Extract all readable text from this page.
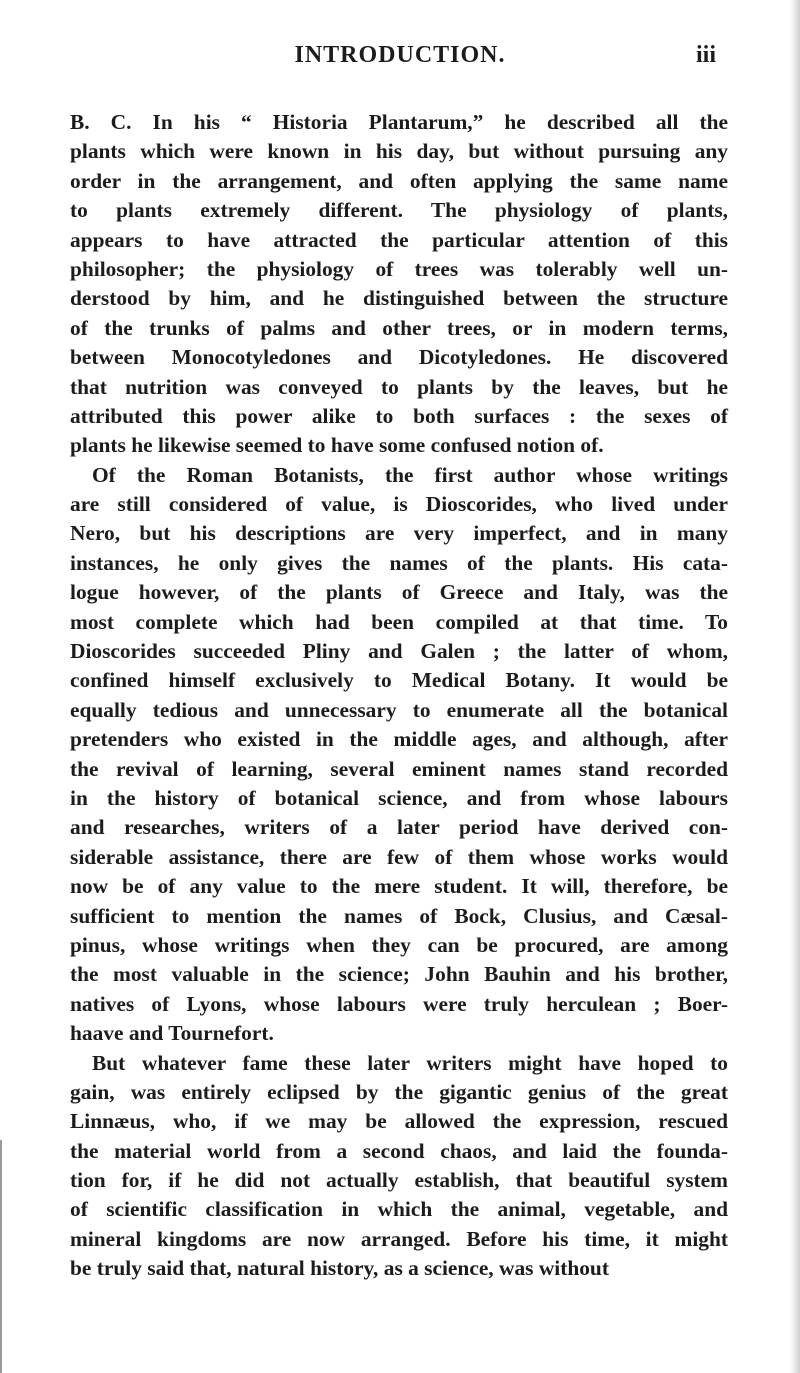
INTRODUCTION.	iii
B. C. In his “ Historia Plantarum,” he described all the
plants which were known in his day, but without pursuing any
order in the arrangement, and often applying the same name
to plants extremely different. The physiology of plants,
appears to have attracted the particular attention of this
philosopher; the physiology of trees was tolerably well un-
derstood by him, and he distinguished between the structure
of the trunks of palms and other trees, or in modern terms,
between Monocotyledones and Dicotyledones. He discovered
that nutrition was conveyed to plants by the leaves, but he
attributed this power alike to both surfaces : the sexes of
plants he likewise seemed to have some confused notion of.
Of the Roman Botanists, the first author whose writings
are still considered of value, is Dioscorides, who lived under
Nero, but his descriptions are very imperfect, and in many
instances, he only gives the names of the plants. His cata-
logue however, of the plants of Greece and Italy, was the
most complete which had been compiled at that time. To
Dioscorides succeeded Pliny and Galen ; the latter of whom,
confined himself exclusively to Medical Botany. It would be
equally tedious and unnecessary to enumerate all the botanical
pretenders who existed in the middle ages, and although, after
the revival of learning, several eminent names stand recorded
in the history of botanical science, and from whose labours
and researches, writers of a later period have derived con-
siderable assistance, there are few of them whose works would
now be of any value to the mere student. It will, therefore, be
sufficient to mention the names of Bock, Clusius, and Cæsal-
pinus, whose writings when they can be procured, are among
the most valuable in the science; John Bauhin and his brother,
natives of Lyons, whose labours were truly herculean ; Boer-
haave and Tournefort.
But whatever fame these later writers might have hoped to
gain, was entirely eclipsed by the gigantic genius of the great
Linnæus, who, if we may be allowed the expression, rescued
the material world from a second chaos, and laid the founda-
tion for, if he did not actually establish, that beautiful system
of scientific classification in which the animal, vegetable, and
mineral kingdoms are now arranged. Before his time, it might
be truly said that, natural history, as a science, was without
